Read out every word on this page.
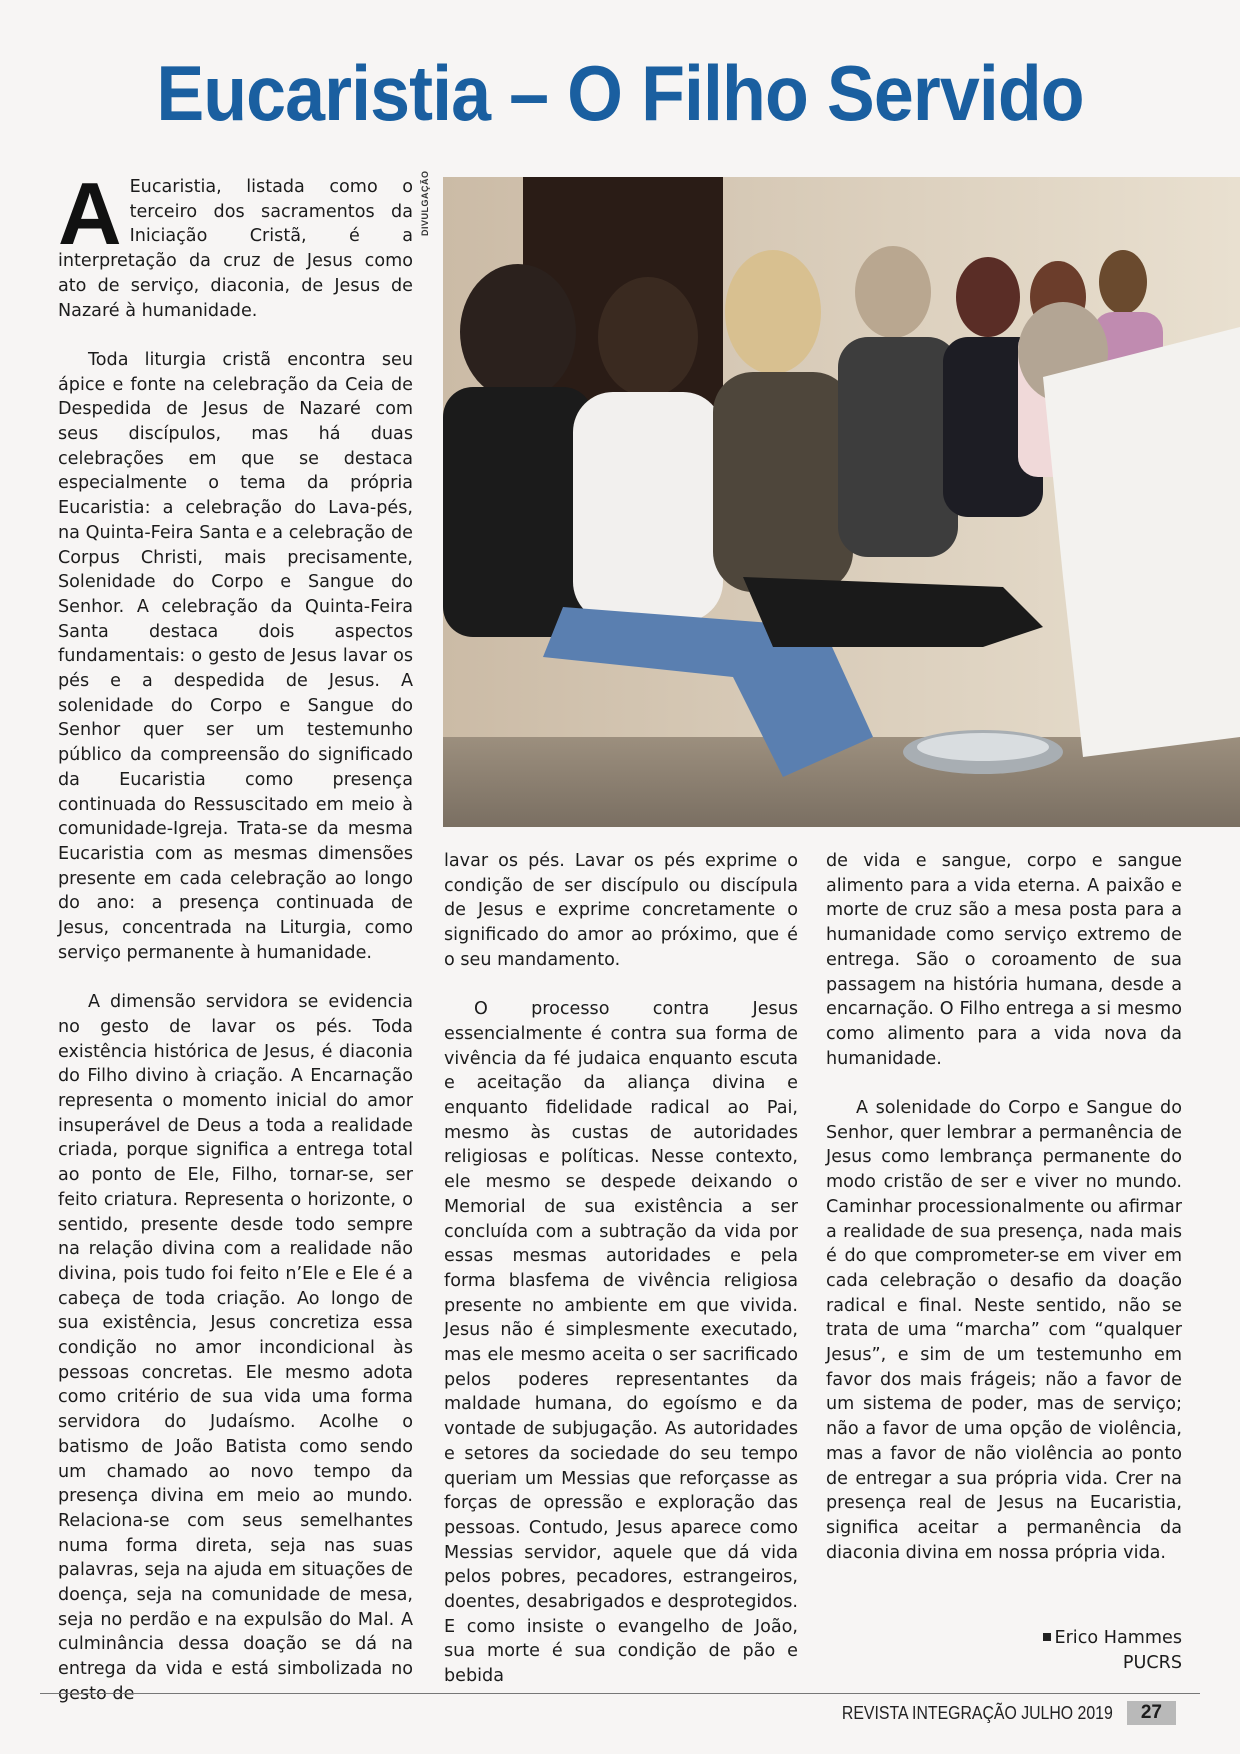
Eucaristia – O Filho Servido
DIVULGAÇÃO

A Eucaristia, listada como o terceiro dos sacramentos da Iniciação Cristã, é a interpretação da cruz de Jesus como ato de serviço, diaconia, de Jesus de Nazaré à humanidade.

Toda liturgia cristã encontra seu ápice e fonte na celebração da Ceia de Despedida de Jesus de Nazaré com seus discípulos, mas há duas celebrações em que se destaca especialmente o tema da própria Eucaristia: a celebração do Lava-pés, na Quinta-Feira Santa e a celebração de Corpus Christi, mais precisamente, Solenidade do Corpo e Sangue do Senhor. A celebração da Quinta-Feira Santa destaca dois aspectos fundamentais: o gesto de Jesus lavar os pés e a despedida de Jesus. A solenidade do Corpo e Sangue do Senhor quer ser um testemunho público da compreensão do significado da Eucaristia como presença continuada do Ressuscitado em meio à comunidade-Igreja. Trata-se da mesma Eucaristia com as mesmas dimensões presente em cada celebração ao longo do ano: a presença continuada de Jesus, concentrada na Liturgia, como serviço permanente à humanidade.

A dimensão servidora se evidencia no gesto de lavar os pés. Toda existência histórica de Jesus, é diaconia do Filho divino à criação. A Encarnação representa o momento inicial do amor insuperável de Deus a toda a realidade criada, porque significa a entrega total ao ponto de Ele, Filho, tornar-se, ser feito criatura. Representa o horizonte, o sentido, presente desde todo sempre na relação divina com a realidade não divina, pois tudo foi feito n’Ele e Ele é a cabeça de toda criação. Ao longo de sua existência, Jesus concretiza essa condição no amor incondicional às pessoas concretas. Ele mesmo adota como critério de sua vida uma forma servidora do Judaísmo. Acolhe o batismo de João Batista como sendo um chamado ao novo tempo da presença divina em meio ao mundo. Relaciona-se com seus semelhantes numa forma direta, seja nas suas palavras, seja na ajuda em situações de doença, seja na comunidade de mesa, seja no perdão e na expulsão do Mal. A culminância dessa doação se dá na entrega da vida e está simbolizada no gesto de

lavar os pés. Lavar os pés exprime o condição de ser discípulo ou discípula de Jesus e exprime concretamente o significado do amor ao próximo, que é o seu mandamento.

O processo contra Jesus essencialmente é contra sua forma de vivência da fé judaica enquanto escuta e aceitação da aliança divina e enquanto fidelidade radical ao Pai, mesmo às custas de autoridades religiosas e políticas. Nesse contexto, ele mesmo se despede deixando o Memorial de sua existência a ser concluída com a subtração da vida por essas mesmas autoridades e pela forma blasfema de vivência religiosa presente no ambiente em que vivida. Jesus não é simplesmente executado, mas ele mesmo aceita o ser sacrificado pelos poderes representantes da maldade humana, do egoísmo e da vontade de subjugação. As autoridades e setores da sociedade do seu tempo queriam um Messias que reforçasse as forças de opressão e exploração das pessoas. Contudo, Jesus aparece como Messias servidor, aquele que dá vida pelos pobres, pecadores, estrangeiros, doentes, desabrigados e desprotegidos. E como insiste o evangelho de João, sua morte é sua condição de pão e bebida

de vida e sangue, corpo e sangue alimento para a vida eterna. A paixão e morte de cruz são a mesa posta para a humanidade como serviço extremo de entrega. São o coroamento de sua passagem na história humana, desde a encarnação. O Filho entrega a si mesmo como alimento para a vida nova da humanidade.

A solenidade do Corpo e Sangue do Senhor, quer lembrar a permanência de Jesus como lembrança permanente do modo cristão de ser e viver no mundo. Caminhar processionalmente ou afirmar a realidade de sua presença, nada mais é do que comprometer-se em viver em cada celebração o desafio da doação radical e final. Neste sentido, não se trata de uma “marcha” com “qualquer Jesus”, e sim de um testemunho em favor dos mais frágeis; não a favor de um sistema de poder, mas de serviço; não a favor de uma opção de violência, mas a favor de não violência ao ponto de entregar a sua própria vida. Crer na presença real de Jesus na Eucaristia, significa aceitar a permanência da diaconia divina em nossa própria vida.

Erico Hammes
PUCRS
REVISTA INTEGRAÇÃO JULHO 2019	27
